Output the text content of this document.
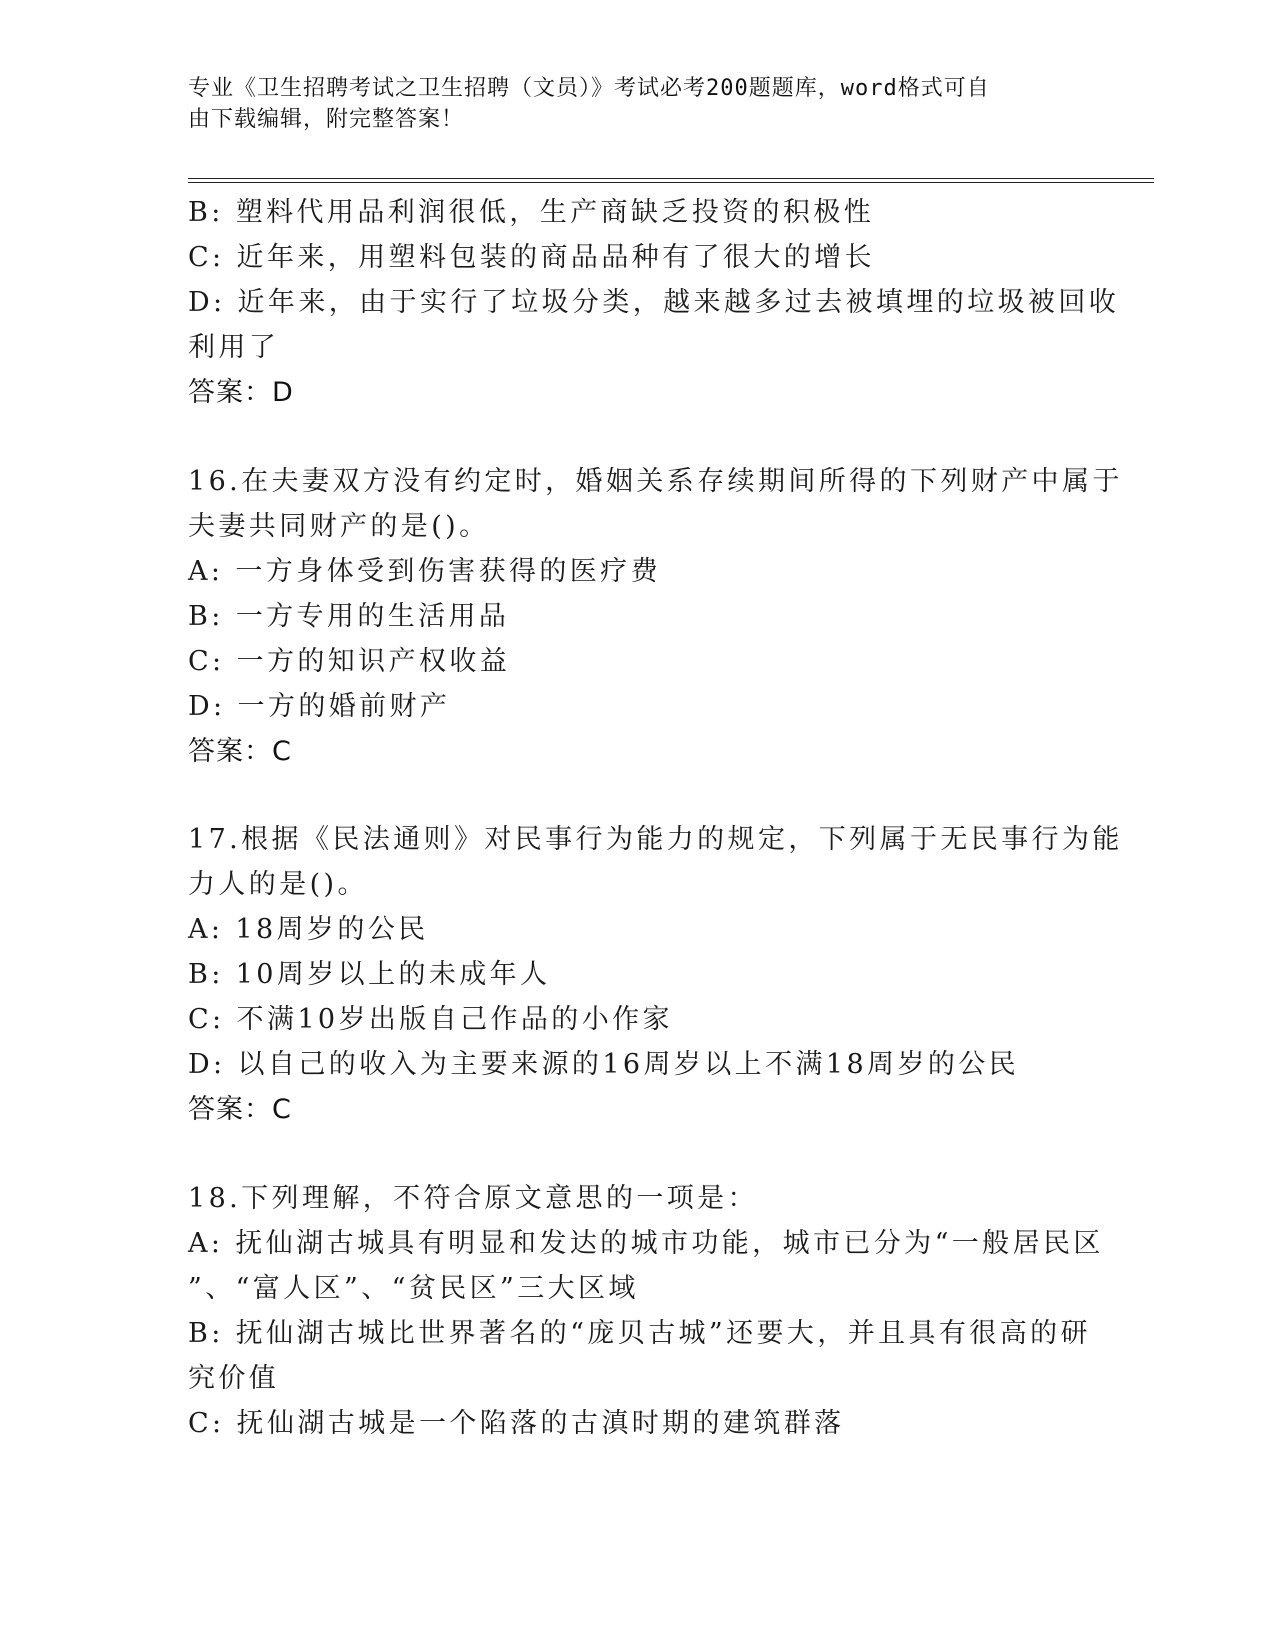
专业《卫生招聘考试之卫生招聘（文员）》考试必考200题题库，word格式可自
由下载编辑，附完整答案！
B: 塑料代用品利润很低，生产商缺乏投资的积极性
C: 近年来，用塑料包装的商品品种有了很大的增长
D: 近年来，由于实行了垃圾分类，越来越多过去被填埋的垃圾被回收
利用了
答案：D
16.在夫妻双方没有约定时，婚姻关系存续期间所得的下列财产中属于
夫妻共同财产的是()。
A: 一方身体受到伤害获得的医疗费
B: 一方专用的生活用品
C: 一方的知识产权收益
D: 一方的婚前财产
答案：C
17.根据《民法通则》对民事行为能力的规定，下列属于无民事行为能
力人的是()。
A: 18周岁的公民
B: 10周岁以上的未成年人
C: 不满10岁出版自己作品的小作家
D: 以自己的收入为主要来源的16周岁以上不满18周岁的公民
答案：C
18.下列理解，不符合原文意思的一项是：
A: 抚仙湖古城具有明显和发达的城市功能，城市已分为“一般居民区
”、“富人区”、“贫民区”三大区域
B: 抚仙湖古城比世界著名的“庞贝古城”还要大，并且具有很高的研
究价值
C: 抚仙湖古城是一个陷落的古滇时期的建筑群落
